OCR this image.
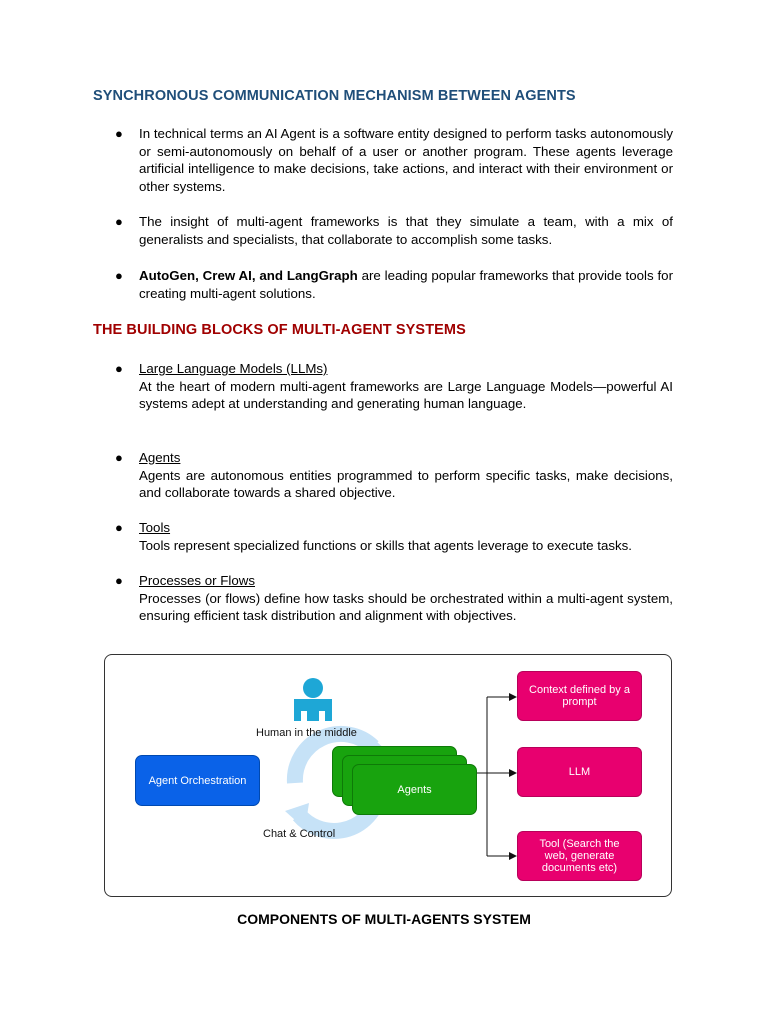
SYNCHRONOUS COMMUNICATION MECHANISM BETWEEN AGENTS
● In technical terms an AI Agent is a software entity designed to perform tasks autonomously or semi-autonomously on behalf of a user or another program. These agents leverage artificial intelligence to make decisions, take actions, and interact with their environment or other systems.
● The insight of multi-agent frameworks is that they simulate a team, with a mix of generalists and specialists, that collaborate to accomplish some tasks.
● AutoGen, Crew AI, and LangGraph are leading popular frameworks that provide tools for creating multi-agent solutions.
THE BUILDING BLOCKS OF MULTI-AGENT SYSTEMS
● Large Language Models (LLMs)
At the heart of modern multi-agent frameworks are Large Language Models—powerful AI systems adept at understanding and generating human language.
● Agents
Agents are autonomous entities programmed to perform specific tasks, make decisions, and collaborate towards a shared objective.
● Tools
Tools represent specialized functions or skills that agents leverage to execute tasks.
● Processes or Flows
Processes (or flows) define how tasks should be orchestrated within a multi-agent system, ensuring efficient task distribution and alignment with objectives.
Human in the middle
Agent Orchestration
Agents
Chat & Control
Context defined by a prompt
LLM
Tool (Search the web, generate documents etc)
COMPONENTS OF MULTI-AGENTS SYSTEM
